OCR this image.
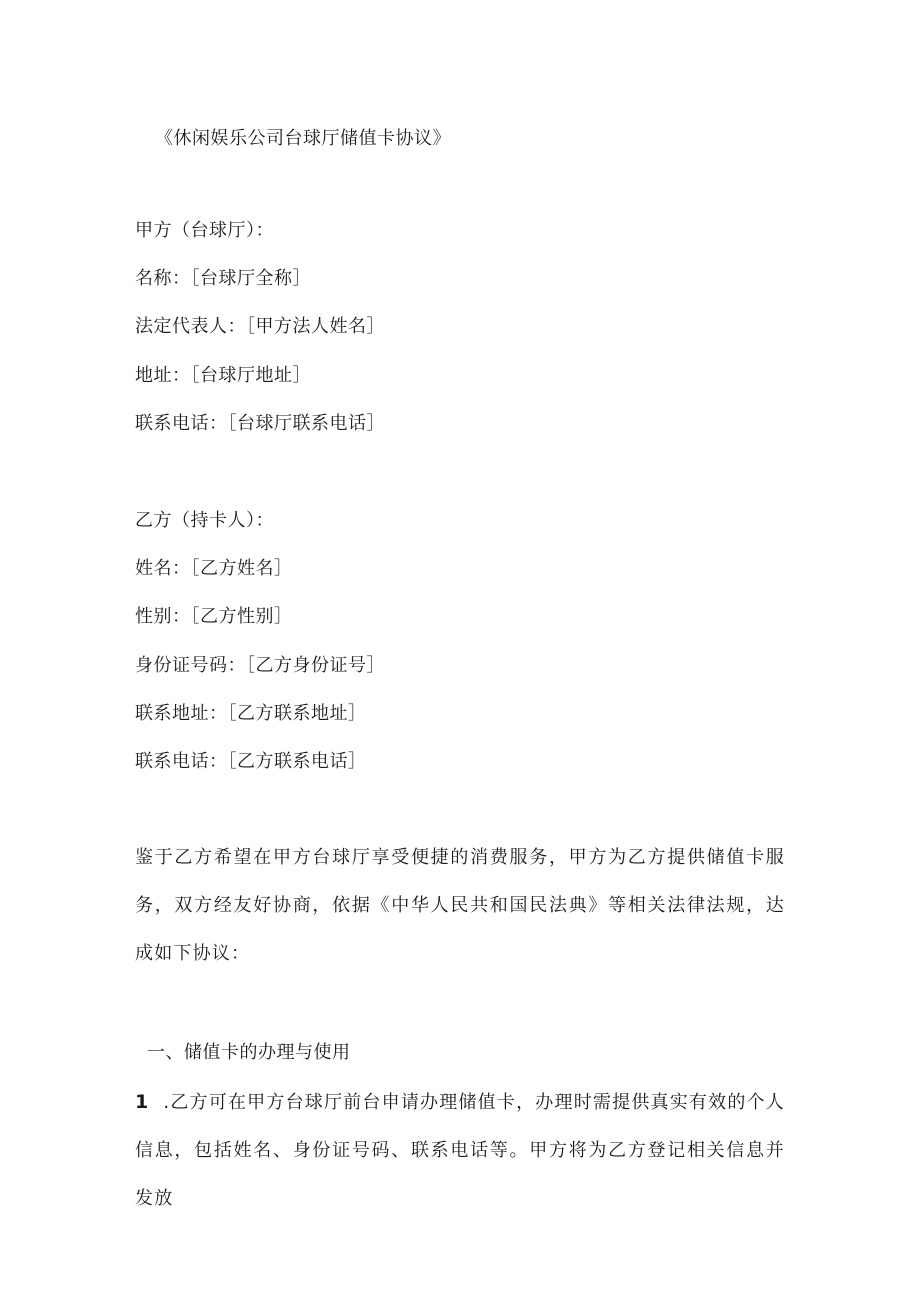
《休闲娱乐公司台球厅储值卡协议》
甲方（台球厅）：
名称：［台球厅全称］
法定代表人：［甲方法人姓名］
地址：［台球厅地址］
联系电话：［台球厅联系电话］
乙方（持卡人）：
姓名：［乙方姓名］
性别：［乙方性别］
身份证号码：［乙方身份证号］
联系地址：［乙方联系地址］
联系电话：［乙方联系电话］
鉴于乙方希望在甲方台球厅享受便捷的消费服务，甲方为乙方提供储值卡服务，双方经友好协商，依据《中华人民共和国民法典》等相关法律法规，达成如下协议：
一、储值卡的办理与使用
1 .乙方可在甲方台球厅前台申请办理储值卡，办理时需提供真实有效的个人信息，包括姓名、身份证号码、联系电话等。甲方将为乙方登记相关信息并发放
